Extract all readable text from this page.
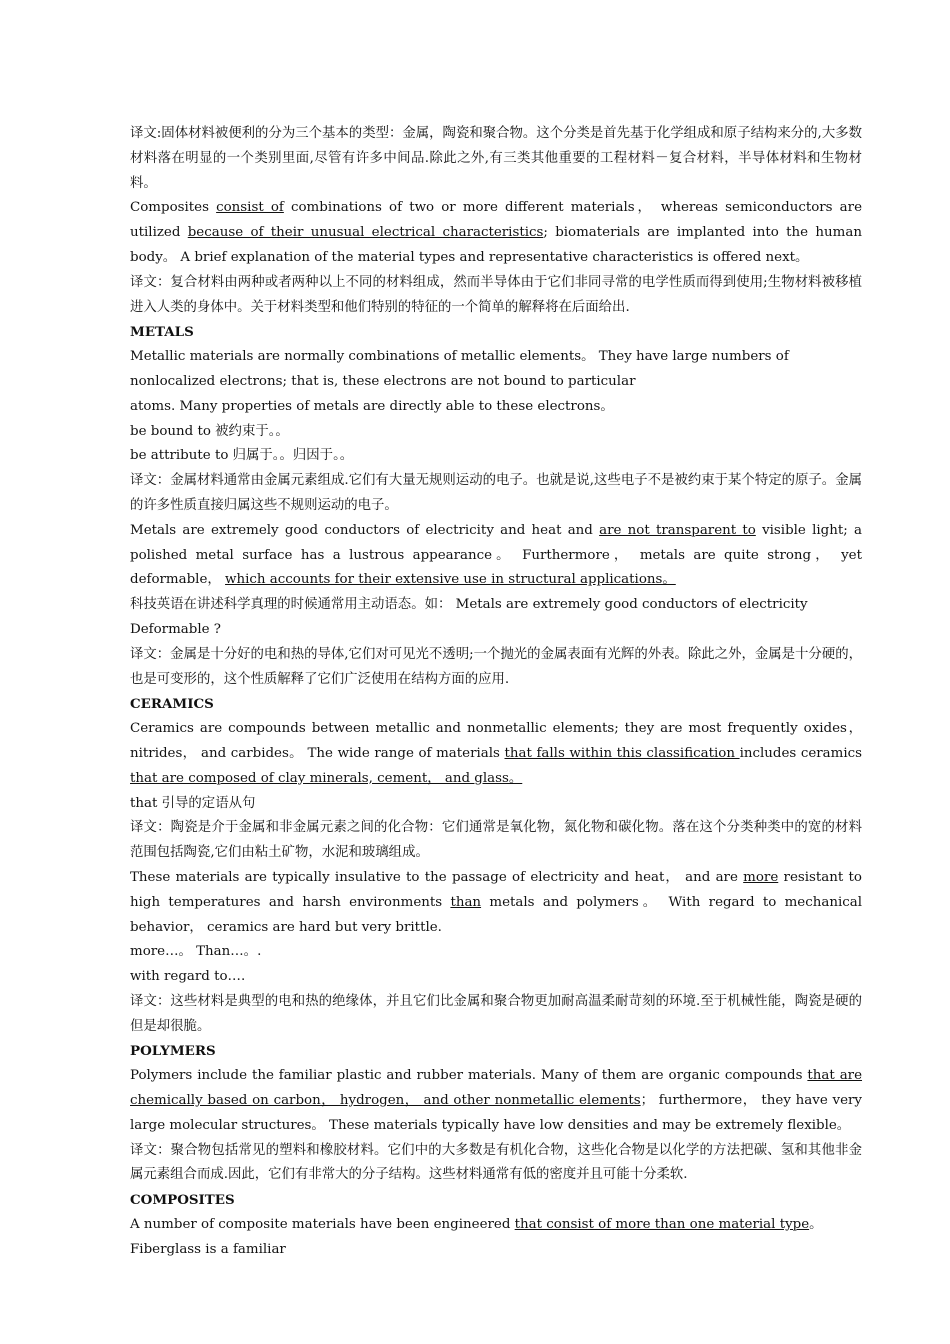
译文:固体材料被便利的分为三个基本的类型：金属，陶瓷和聚合物。这个分类是首先基于化学组成和原子结构来分的,大多数材料落在明显的一个类别里面,尽管有许多中间品.除此之外,有三类其他重要的工程材料－复合材料，半导体材料和生物材料。

Composites consist of combinations of two or more different materials， whereas semiconductors are utilized because of their unusual electrical characteristics; biomaterials are implanted into the human body。 A brief explanation of the material types and representative characteristics is offered next。

译文：复合材料由两种或者两种以上不同的材料组成，然而半导体由于它们非同寻常的电学性质而得到使用;生物材料被移植进入人类的身体中。关于材料类型和他们特别的特征的一个简单的解释将在后面给出.

METALS

Metallic materials are normally combinations of metallic elements。 They have large numbers of nonlocalized electrons; that is, these electrons are not bound to particular

atoms. Many properties of metals are directly able to these electrons。

be bound to 被约束于。。

be attribute to 归属于。。归因于。。

译文：金属材料通常由金属元素组成.它们有大量无规则运动的电子。也就是说,这些电子不是被约束于某个特定的原子。金属的许多性质直接归属这些不规则运动的电子。

Metals are extremely good conductors of electricity and heat and are not transparent to visible light; a polished metal surface has a lustrous appearance。 Furthermore， metals are quite strong， yet deformable， which accounts for their extensive use in structural applications。

科技英语在讲述科学真理的时候通常用主动语态。如： Metals are extremely good conductors of electricity

Deformable ?

译文：金属是十分好的电和热的导体,它们对可见光不透明;一个抛光的金属表面有光辉的外表。除此之外，金属是十分硬的，也是可变形的，这个性质解释了它们广泛使用在结构方面的应用.

CERAMICS

Ceramics are compounds between metallic and nonmetallic elements; they are most frequently oxides， nitrides， and carbides。 The wide range of materials that falls within this classification includes ceramics that are composed of clay minerals, cement， and glass。

that 引导的定语从句

译文：陶瓷是介于金属和非金属元素之间的化合物：它们通常是氧化物，氮化物和碳化物。落在这个分类种类中的宽的材料范围包括陶瓷,它们由粘土矿物，水泥和玻璃组成。

These materials are typically insulative to the passage of electricity and heat， and are more resistant to high temperatures and harsh environments than metals and polymers。 With regard to mechanical behavior， ceramics are hard but very brittle.

more…。 Than…。.

with regard to….

译文：这些材料是典型的电和热的绝缘体，并且它们比金属和聚合物更加耐高温柔耐苛刻的环境.至于机械性能，陶瓷是硬的但是却很脆。

POLYMERS

Polymers include the familiar plastic and rubber materials. Many of them are organic compounds that are chemically based on carbon， hydrogen， and other nonmetallic elements； furthermore， they have very large molecular structures。 These materials typically have low densities and may be extremely flexible。

译文：聚合物包括常见的塑料和橡胶材料。它们中的大多数是有机化合物，这些化合物是以化学的方法把碳、氢和其他非金属元素组合而成.因此，它们有非常大的分子结构。这些材料通常有低的密度并且可能十分柔软.

COMPOSITES

A number of composite materials have been engineered that consist of more than one material type。 Fiberglass is a familiar
